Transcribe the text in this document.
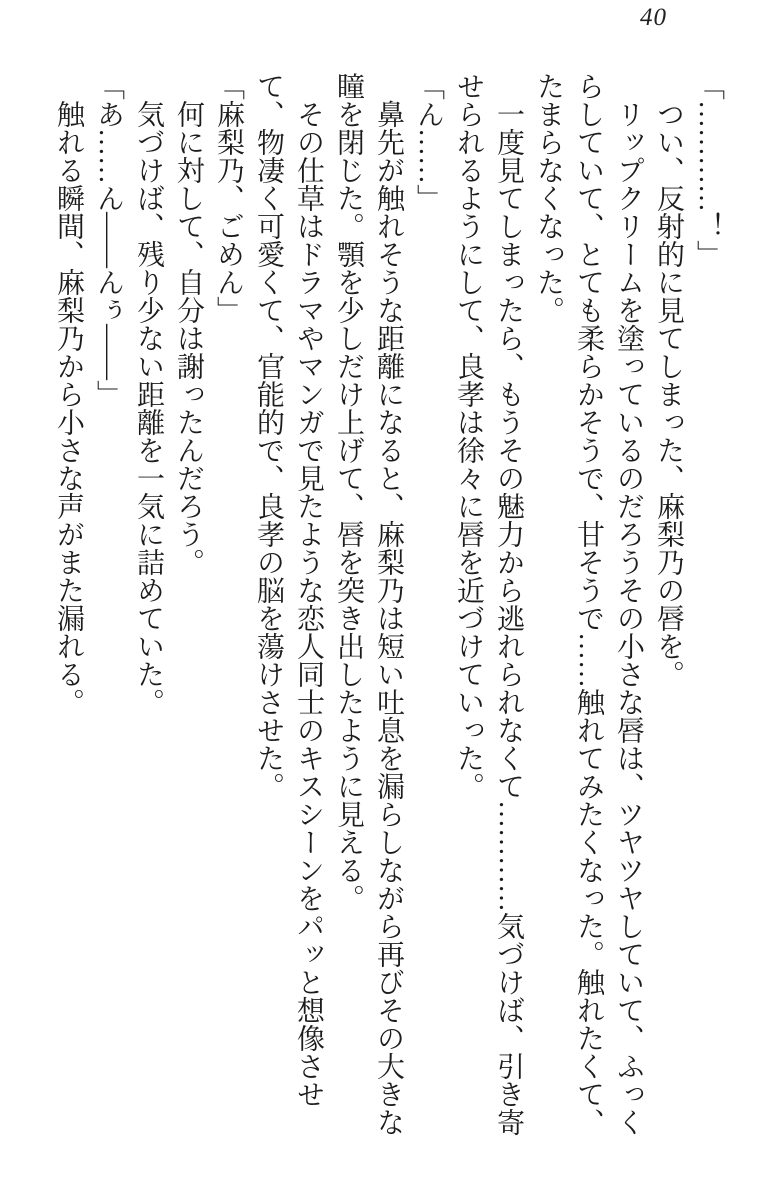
40

「…………！」

つい、反射的に見てしまった、麻梨乃の唇を。

リップクリームを塗っているのだろうその小さな唇は、ツヤツヤしていて、ふっくらしていて、とても柔らかそうで、甘そうで……触れてみたくなった。触れたくて、たまらなくなった。

一度見てしまったら、もうその魅力から逃れられなくて…………気づけば、引き寄せられるようにして、良孝は徐々に唇を近づけていった。

「ん……」

鼻先が触れそうな距離になると、麻梨乃は短い吐息を漏らしながら再びその大きな瞳を閉じた。顎を少しだけ上げて、唇を突き出したように見える。

その仕草はドラマやマンガで見たような恋人同士のキスシーンをパッと想像させて、物凄く可愛くて、官能的で、良孝の脳を蕩けさせた。

「麻梨乃、ごめん」

何に対して、自分は謝ったんだろう。

気づけば、残り少ない距離を一気に詰めていた。

「あ……ん――んぅ――」

触れる瞬間、麻梨乃から小さな声がまた漏れる。
